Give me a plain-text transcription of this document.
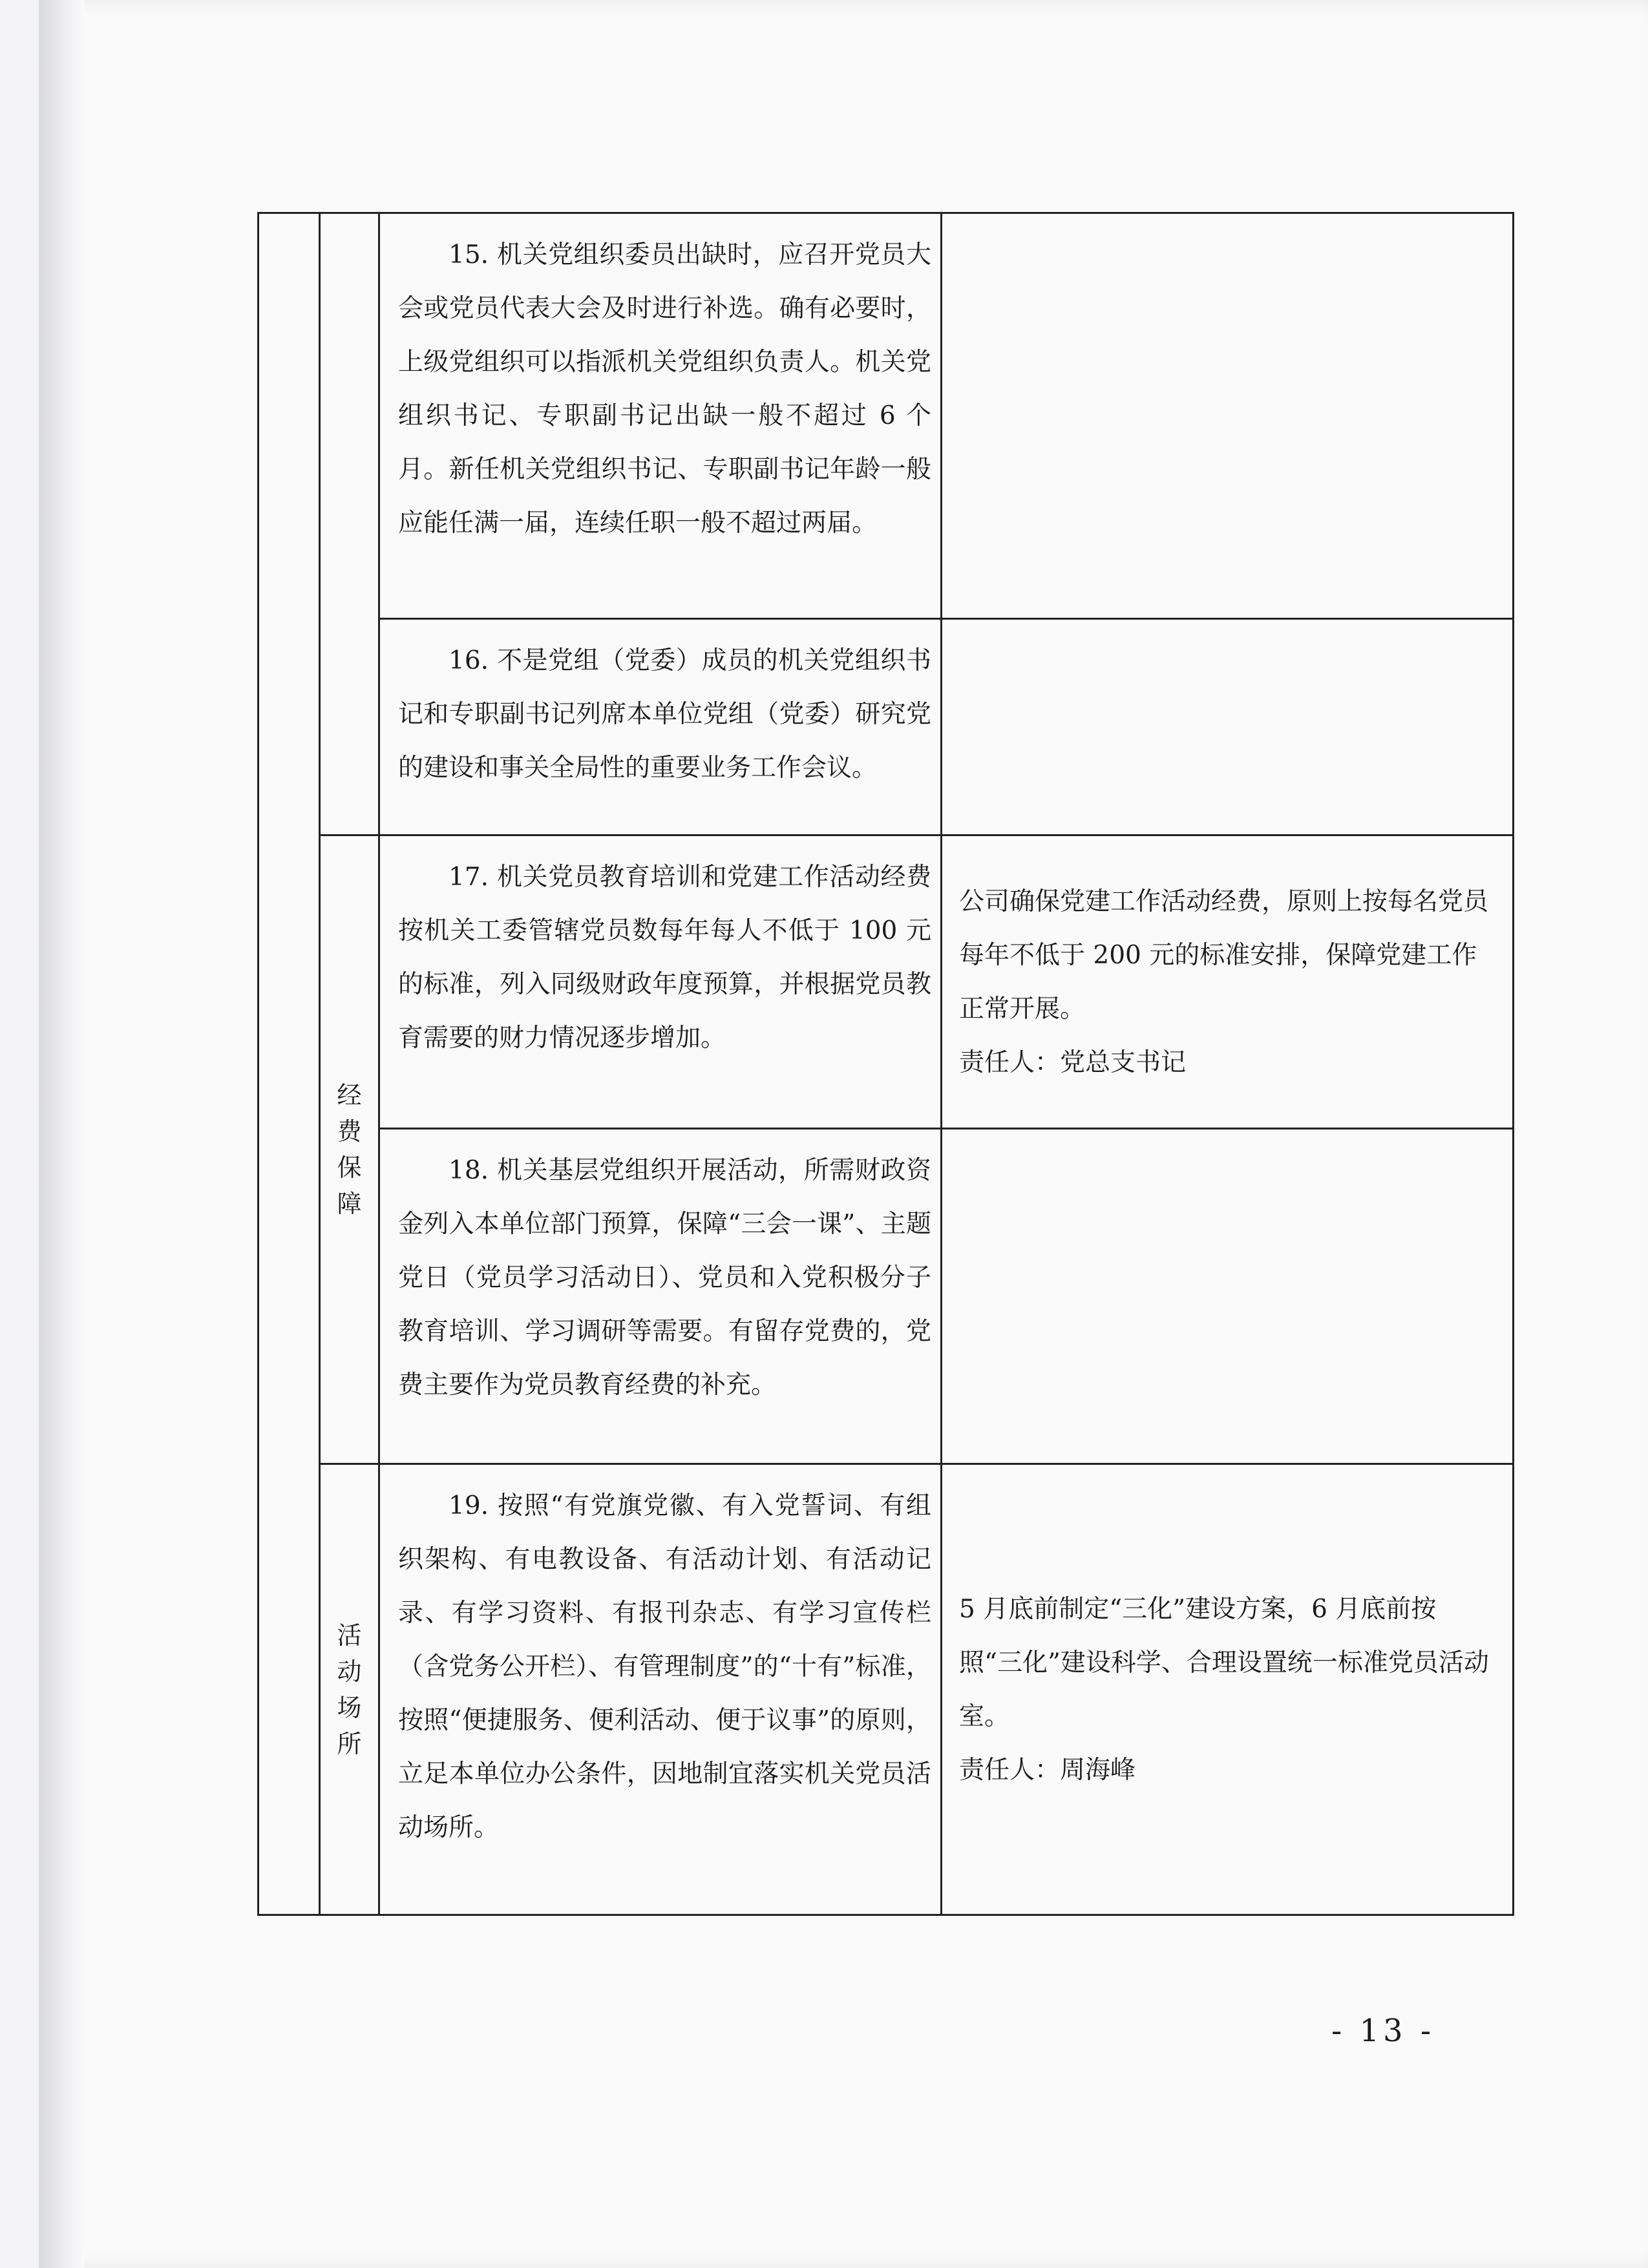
		15. 机关党组织委员出缺时，应召开党员大会或党员代表大会及时进行补选。确有必要时，上级党组织可以指派机关党组织负责人。机关党组织书记、专职副书记出缺一般不超过 6 个月。新任机关党组织书记、专职副书记年龄一般应能任满一届，连续任职一般不超过两届。	

		16. 不是党组（党委）成员的机关党组织书记和专职副书记列席本单位党组（党委）研究党的建设和事关全局性的重要业务工作会议。	

	经费保障	17. 机关党员教育培训和党建工作活动经费按机关工委管辖党员数每年每人不低于 100 元的标准，列入同级财政年度预算，并根据党员教育需要的财力情况逐步增加。	公司确保党建工作活动经费，原则上按每名党员每年不低于 200 元的标准安排，保障党建工作正常开展。
责任人：党总支书记

		18. 机关基层党组织开展活动，所需财政资金列入本单位部门预算，保障“三会一课”、主题党日（党员学习活动日）、党员和入党积极分子教育培训、学习调研等需要。有留存党费的，党费主要作为党员教育经费的补充。	

	活动场所	19. 按照“有党旗党徽、有入党誓词、有组织架构、有电教设备、有活动计划、有活动记录、有学习资料、有报刊杂志、有学习宣传栏（含党务公开栏）、有管理制度”的“十有”标准，按照“便捷服务、便利活动、便于议事”的原则，立足本单位办公条件，因地制宜落实机关党员活动场所。	5 月底前制定“三化”建设方案，6 月底前按照“三化”建设科学、合理设置统一标准党员活动室。
责任人：周海峰
- 13 -
